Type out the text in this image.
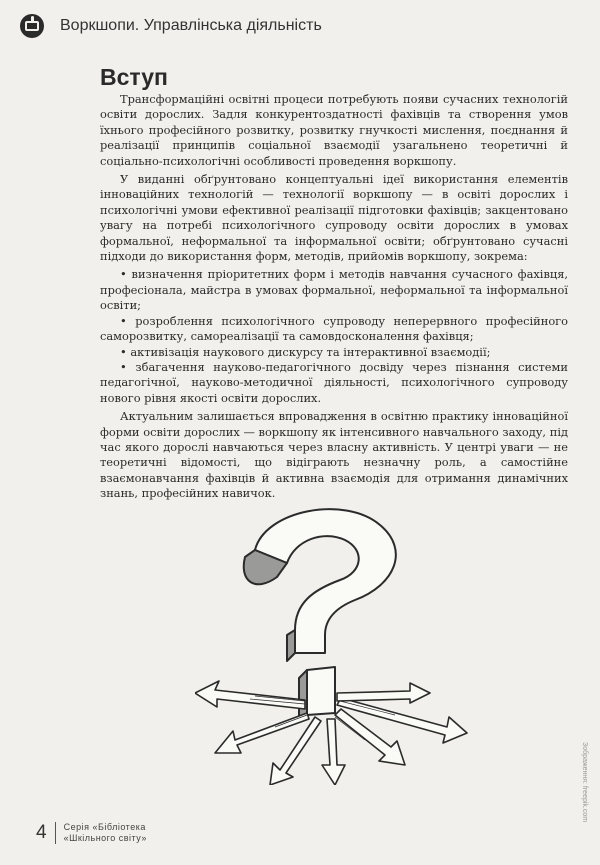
Воркшопи. Управлінська діяльність
Вступ

Трансформаційні освітні процеси потребують появи сучасних технологій освіти дорослих. Задля конкурентоздатності фахівців та створення умов їхнього професійного розвитку, розвитку гнучкості мислення, поєднання й реалізації принципів соціальної взаємодії узагальнено теоретичні й соціально-психологічні особливості проведення воркшопу.

У виданні обґрунтовано концептуальні ідеї використання елементів інноваційних технологій — технології воркшопу — в освіті дорослих і психологічні умови ефективної реалізації підготовки фахівців; закцентовано увагу на потребі психологічного супроводу освіти дорослих в умовах формальної, неформальної та інформальної освіти; обґрунтовано сучасні підходи до використання форм, методів, прийомів воркшопу, зокрема:

• визначення пріоритетних форм і методів навчання сучасного фахівця, професіонала, майстра в умовах формальної, неформальної та інформальної освіти;
• розроблення психологічного супроводу неперервного професійного саморозвитку, самореалізації та самовдосконалення фахівця;
• активізація наукового дискурсу та інтерактивної взаємодії;
• збагачення науково-педагогічного досвіду через пізнання системи педагогічної, науково-методичної діяльності, психологічного супроводу нового рівня якості освіти дорослих.

Актуальним залишається впровадження в освітню практику інноваційної форми освіти дорослих — воркшопу як інтенсивного навчального заходу, під час якого дорослі навчаються через власну активність. У центрі уваги — не теоретичні відомості, що відіграють незначну роль, а самостійне взаємонавчання фахівців й активна взаємодія для отримання динамічних знань, професійних навичок.

Зображення: freepik.com
4	Серія «Бібліотека
«Шкільного світу»
